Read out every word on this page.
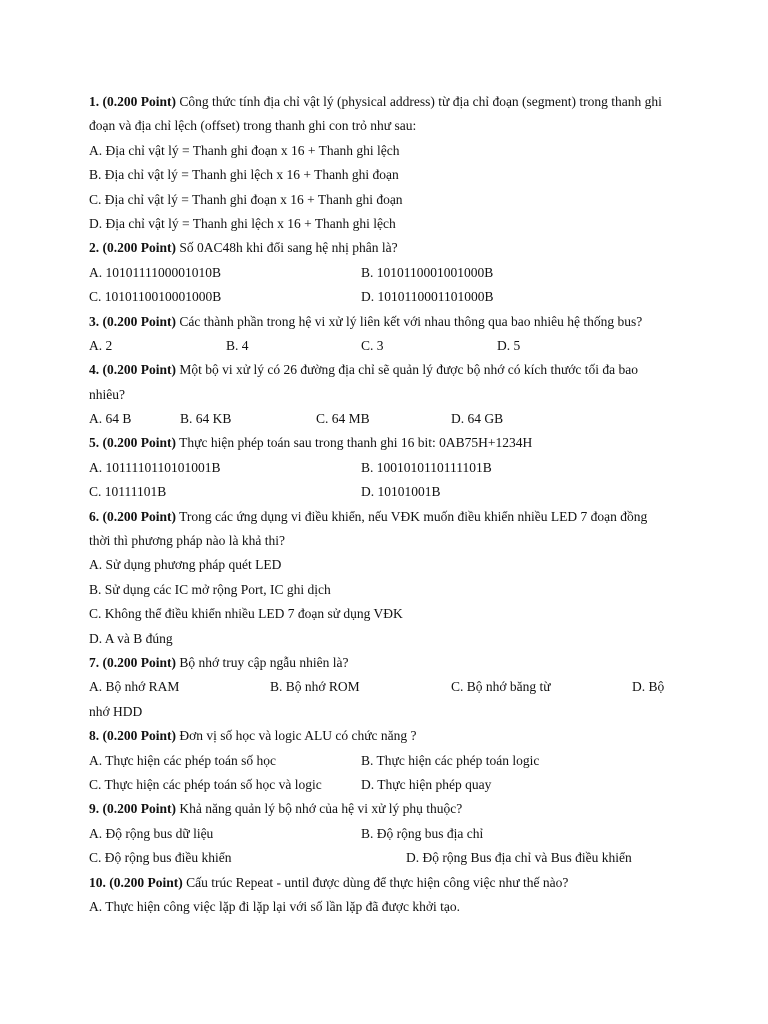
1. (0.200 Point) Công thức tính địa chỉ vật lý (physical address) từ địa chỉ đoạn (segment) trong thanh ghi
đoạn và địa chỉ lệch (offset) trong thanh ghi con trỏ như sau:
A. Địa chỉ vật lý = Thanh ghi đoạn x 16 + Thanh ghi lệch
B. Địa chỉ vật lý = Thanh ghi lệch x 16 + Thanh ghi đoạn
C. Địa chỉ vật lý = Thanh ghi đoạn x 16 + Thanh ghi đoạn
D. Địa chỉ vật lý = Thanh ghi lệch x 16 + Thanh ghi lệch
2. (0.200 Point) Số 0AC48h khi đổi sang hệ nhị phân là?
A. 1010111100001010B	B. 1010110001001000B
C. 1010110010001000B	D. 1010110001101000B
3. (0.200 Point) Các thành phần trong hệ vi xử lý liên kết với nhau thông qua bao nhiêu hệ thống bus?
A. 2	B. 4	C. 3	D. 5
4. (0.200 Point) Một bộ vi xử lý có 26 đường địa chỉ sẽ quản lý được bộ nhớ có kích thước tối đa bao
nhiêu?
A. 64 B	B. 64 KB	C. 64 MB	D. 64 GB
5. (0.200 Point) Thực hiện phép toán sau trong thanh ghi 16 bit: 0AB75H+1234H
A. 1011110110101001B	B. 1001010110111101B
C. 10111101B	D. 10101001B
6. (0.200 Point) Trong các ứng dụng vi điều khiển, nếu VĐK muốn điều khiển nhiều LED 7 đoạn đồng
thời thì phương pháp nào là khả thi?
A. Sử dụng phương pháp quét LED
B. Sử dụng các IC mở rộng Port, IC ghi dịch
C. Không thể điều khiển nhiều LED 7 đoạn sử dụng VĐK
D. A và B đúng
7. (0.200 Point) Bộ nhớ truy cập ngẫu nhiên là?
A. Bộ nhớ RAM	B. Bộ nhớ ROM	C. Bộ nhớ băng từ	D. Bộ
nhớ HDD
8. (0.200 Point) Đơn vị số học và logic ALU có chức năng ?
A. Thực hiện các phép toán số học	B. Thực hiện các phép toán logic
C. Thực hiện các phép toán số học và logic	D. Thực hiện phép quay
9. (0.200 Point) Khả năng quản lý bộ nhớ của hệ vi xử lý phụ thuộc?
A. Độ rộng bus dữ liệu	B. Độ rộng bus địa chỉ
C. Độ rộng bus điều khiển	D. Độ rộng Bus địa chỉ và Bus điều khiển
10. (0.200 Point) Cấu trúc Repeat - until được dùng để thực hiện công việc như thế nào?
A. Thực hiện công việc lặp đi lặp lại với số lần lặp đã được khởi tạo.
